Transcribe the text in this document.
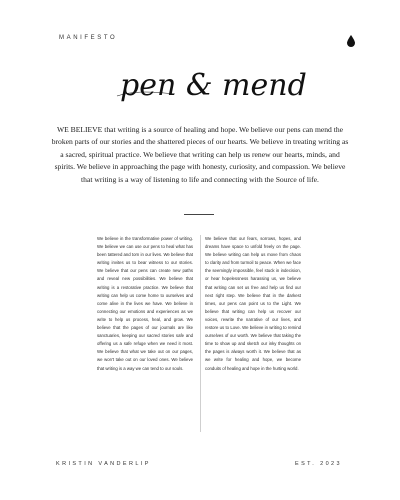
MANIFESTO
pen & mend
WE BELIEVE that writing is a source of healing and hope. We believe our pens can mend the broken parts of our stories and the shattered pieces of our hearts. We believe in treating writing as a sacred, spiritual practice. We believe that writing can help us renew our hearts, minds, and spirits. We believe in approaching the page with honesty, curiosity, and compassion. We believe that writing is a way of listening to life and connecting with the Source of life.
We believe in the transformative power of writing. We believe we can use our pens to heal what has been tattered and torn in our lives. We believe that writing invites us to bear witness to our stories. We believe that our pens can create new paths and reveal new possibilities. We believe that writing is a restorative practice. We believe that writing can help us come home to ourselves and come alive in the lives we have. We believe in connecting our emotions and experiences as we write to help us process, heal, and grow. We believe that the pages of our journals are like sanctuaries, keeping our sacred stories safe and offering us a safe refuge when we need it most. We believe that what we take out on our pages, we won't take out on our loved ones. We believe that writing is a way we can tend to our souls.
We believe that our fears, sorrows, hopes, and dreams have space to unfold freely on the page. We believe writing can help us move from chaos to clarity and from turmoil to peace. When we face the seemingly impossible, feel stuck in indecision, or hear hopelessness harassing us, we believe that writing can set us free and help us find our next right step. We believe that in the darkest times, our pens can point us to the Light. We believe that writing can help us recover our voices, rewrite the narrative of our lives, and restore us to Love. We believe in writing to remind ourselves of our worth. We believe that taking the time to show up and sketch our inky thoughts on the pages is always worth it. We believe that as we write for healing and hope, we become conduits of healing and hope in the hurting world.
KRISTIN VANDERLIP	EST. 2023
